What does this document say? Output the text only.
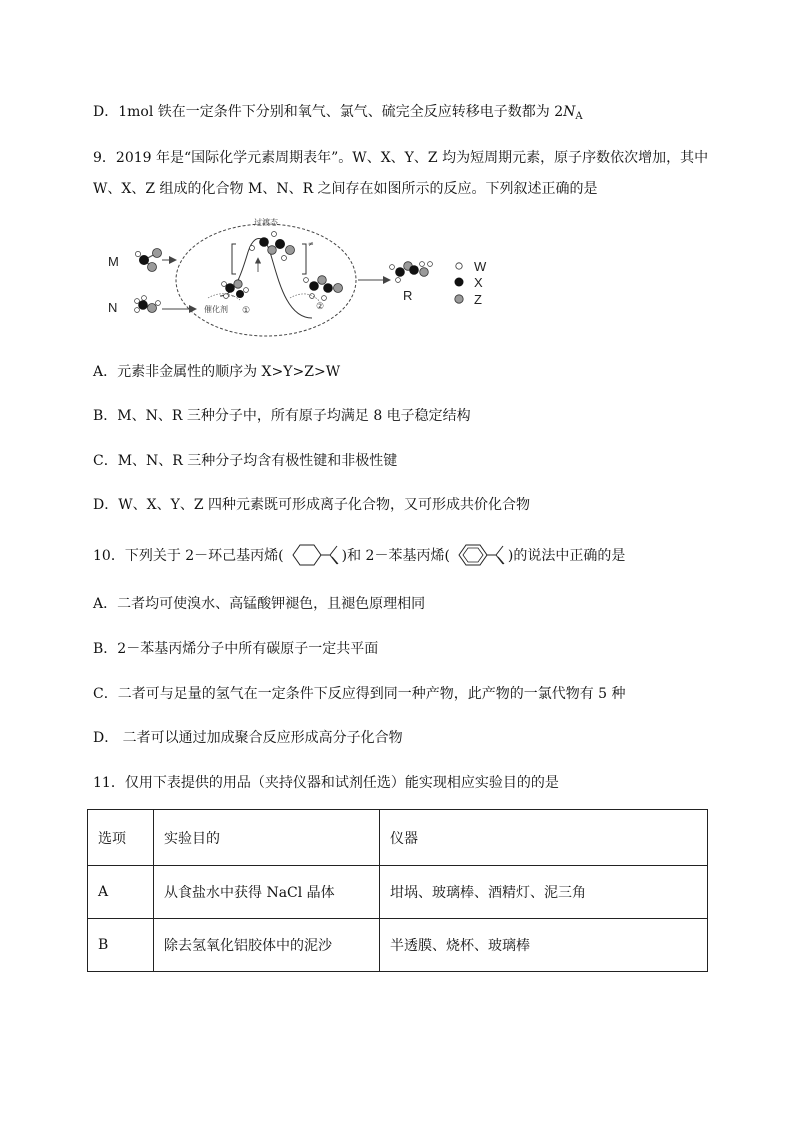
D．1mol 铁在一定条件下分别和氧气、氯气、硫完全反应转移电子数都为 $2N_A$
9．2019 年是“国际化学元素周期表年”。W、X、Y、Z 均为短周期元素，原子序数依次增加，其中
W、X、Z 组成的化合物 M、N、R 之间存在如图所示的反应。下列叙述正确的是
M
N
过渡态
≠
催化剂 ①	②
R
W
X
Z
A．元素非金属性的顺序为 X>Y>Z>W
B．M、N、R 三种分子中，所有原子均满足 8 电子稳定结构
C．M、N、R 三种分子均含有极性键和非极性键
D．W、X、Y、Z 四种元素既可形成离子化合物，又可形成共价化合物
10．下列关于 2－环己基丙烯(	)和 2－苯基丙烯(	)的说法中正确的是
A．二者均可使溴水、高锰酸钾褪色，且褪色原理相同
B．2－苯基丙烯分子中所有碳原子一定共平面
C．二者可与足量的氢气在一定条件下反应得到同一种产物，此产物的一氯代物有 5 种
D． 二者可以通过加成聚合反应形成高分子化合物
11．仅用下表提供的用品（夹持仪器和试剂任选）能实现相应实验目的的是
选项	实验目的	仪器
A	从食盐水中获得 NaCl 晶体	坩埚、玻璃棒、酒精灯、泥三角
B	除去氢氧化铝胶体中的泥沙	半透膜、烧杯、玻璃棒
